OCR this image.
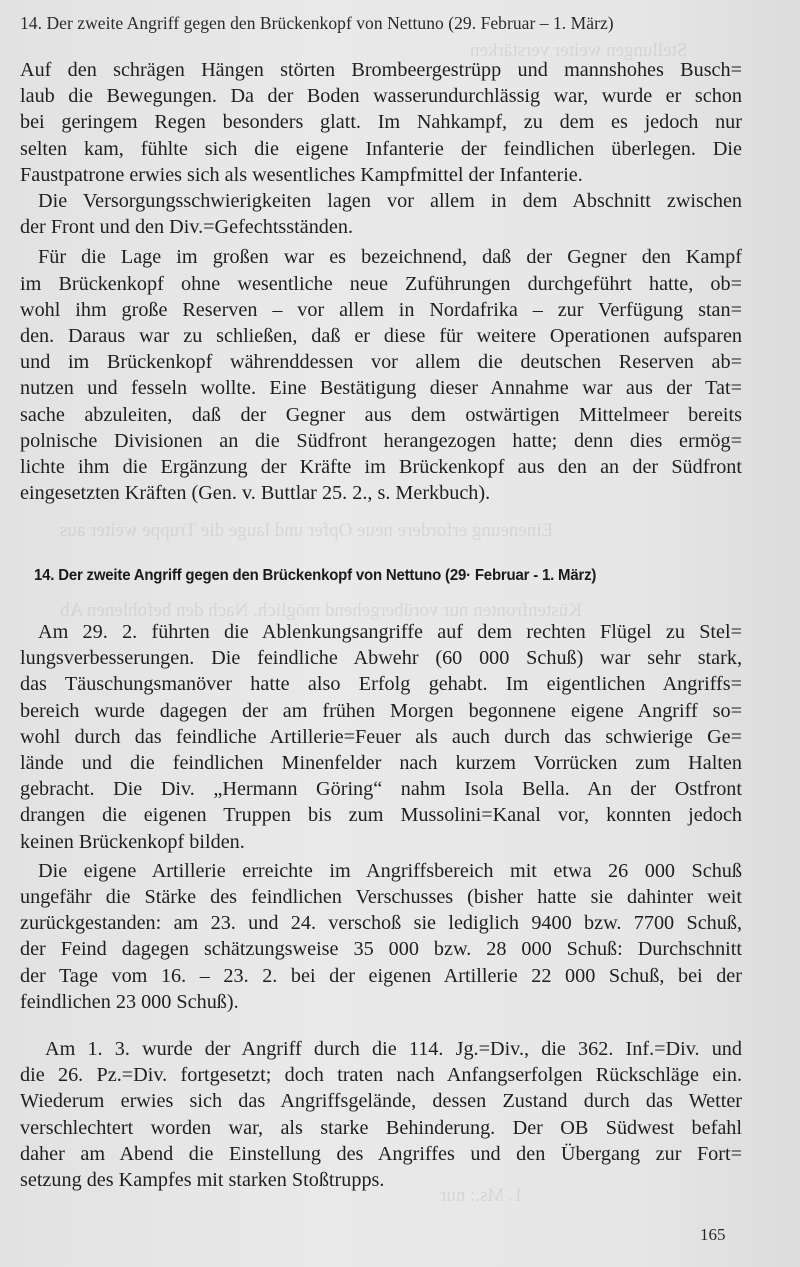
Stellungen weiter verstärken
Eineneung erfordere neue Opfer und lauge die Truppe weiter aus
Küstenfronten nur vorübergehend möglich. Nach den befohlenen Ab
1. Ms.: nur
14. Der zweite Angriff gegen den Brückenkopf von Nettuno (29. Februar – 1. März)

Auf den schrägen Hängen störten Brombeergestrüpp und mannshohes Busch=
laub die Bewegungen. Da der Boden wasserundurchlässig war, wurde er schon
bei geringem Regen besonders glatt. Im Nahkampf, zu dem es jedoch nur
selten kam, fühlte sich die eigene Infanterie der feindlichen überlegen. Die
Faustpatrone erwies sich als wesentliches Kampfmittel der Infanterie.

Die Versorgungsschwierigkeiten lagen vor allem in dem Abschnitt zwischen
der Front und den Div.=Gefechtsständen.

Für die Lage im großen war es bezeichnend, daß der Gegner den Kampf
im Brückenkopf ohne wesentliche neue Zuführungen durchgeführt hatte, ob=
wohl ihm große Reserven – vor allem in Nordafrika – zur Verfügung stan=
den. Daraus war zu schließen, daß er diese für weitere Operationen aufsparen
und im Brückenkopf währenddessen vor allem die deutschen Reserven ab=
nutzen und fesseln wollte. Eine Bestätigung dieser Annahme war aus der Tat=
sache abzuleiten, daß der Gegner aus dem ostwärtigen Mittelmeer bereits
polnische Divisionen an die Südfront herangezogen hatte; denn dies ermög=
lichte ihm die Ergänzung der Kräfte im Brückenkopf aus den an der Südfront
eingesetzten Kräften (Gen. v. Buttlar 25. 2., s. Merkbuch).

14. Der zweite Angriff gegen den Brückenkopf von Nettuno (29· Februar - 1. März)

Am 29. 2. führten die Ablenkungsangriffe auf dem rechten Flügel zu Stel=
lungsverbesserungen. Die feindliche Abwehr (60 000 Schuß) war sehr stark,
das Täuschungsmanöver hatte also Erfolg gehabt. Im eigentlichen Angriffs=
bereich wurde dagegen der am frühen Morgen begonnene eigene Angriff so=
wohl durch das feindliche Artillerie=Feuer als auch durch das schwierige Ge=
lände und die feindlichen Minenfelder nach kurzem Vorrücken zum Halten
gebracht. Die Div. „Hermann Göring“ nahm Isola Bella. An der Ostfront
drangen die eigenen Truppen bis zum Mussolini=Kanal vor, konnten jedoch
keinen Brückenkopf bilden.

Die eigene Artillerie erreichte im Angriffsbereich mit etwa 26 000 Schuß
ungefähr die Stärke des feindlichen Verschusses (bisher hatte sie dahinter weit
zurückgestanden: am 23. und 24. verschoß sie lediglich 9400 bzw. 7700 Schuß,
der Feind dagegen schätzungsweise 35 000 bzw. 28 000 Schuß: Durchschnitt
der Tage vom 16. – 23. 2. bei der eigenen Artillerie 22 000 Schuß, bei der
feindlichen 23 000 Schuß).

Am 1. 3. wurde der Angriff durch die 114. Jg.=Div., die 362. Inf.=Div. und
die 26. Pz.=Div. fortgesetzt; doch traten nach Anfangserfolgen Rückschläge ein.
Wiederum erwies sich das Angriffsgelände, dessen Zustand durch das Wetter
verschlechtert worden war, als starke Behinderung. Der OB Südwest befahl
daher am Abend die Einstellung des Angriffes und den Übergang zur Fort=
setzung des Kampfes mit starken Stoßtrupps.

165
